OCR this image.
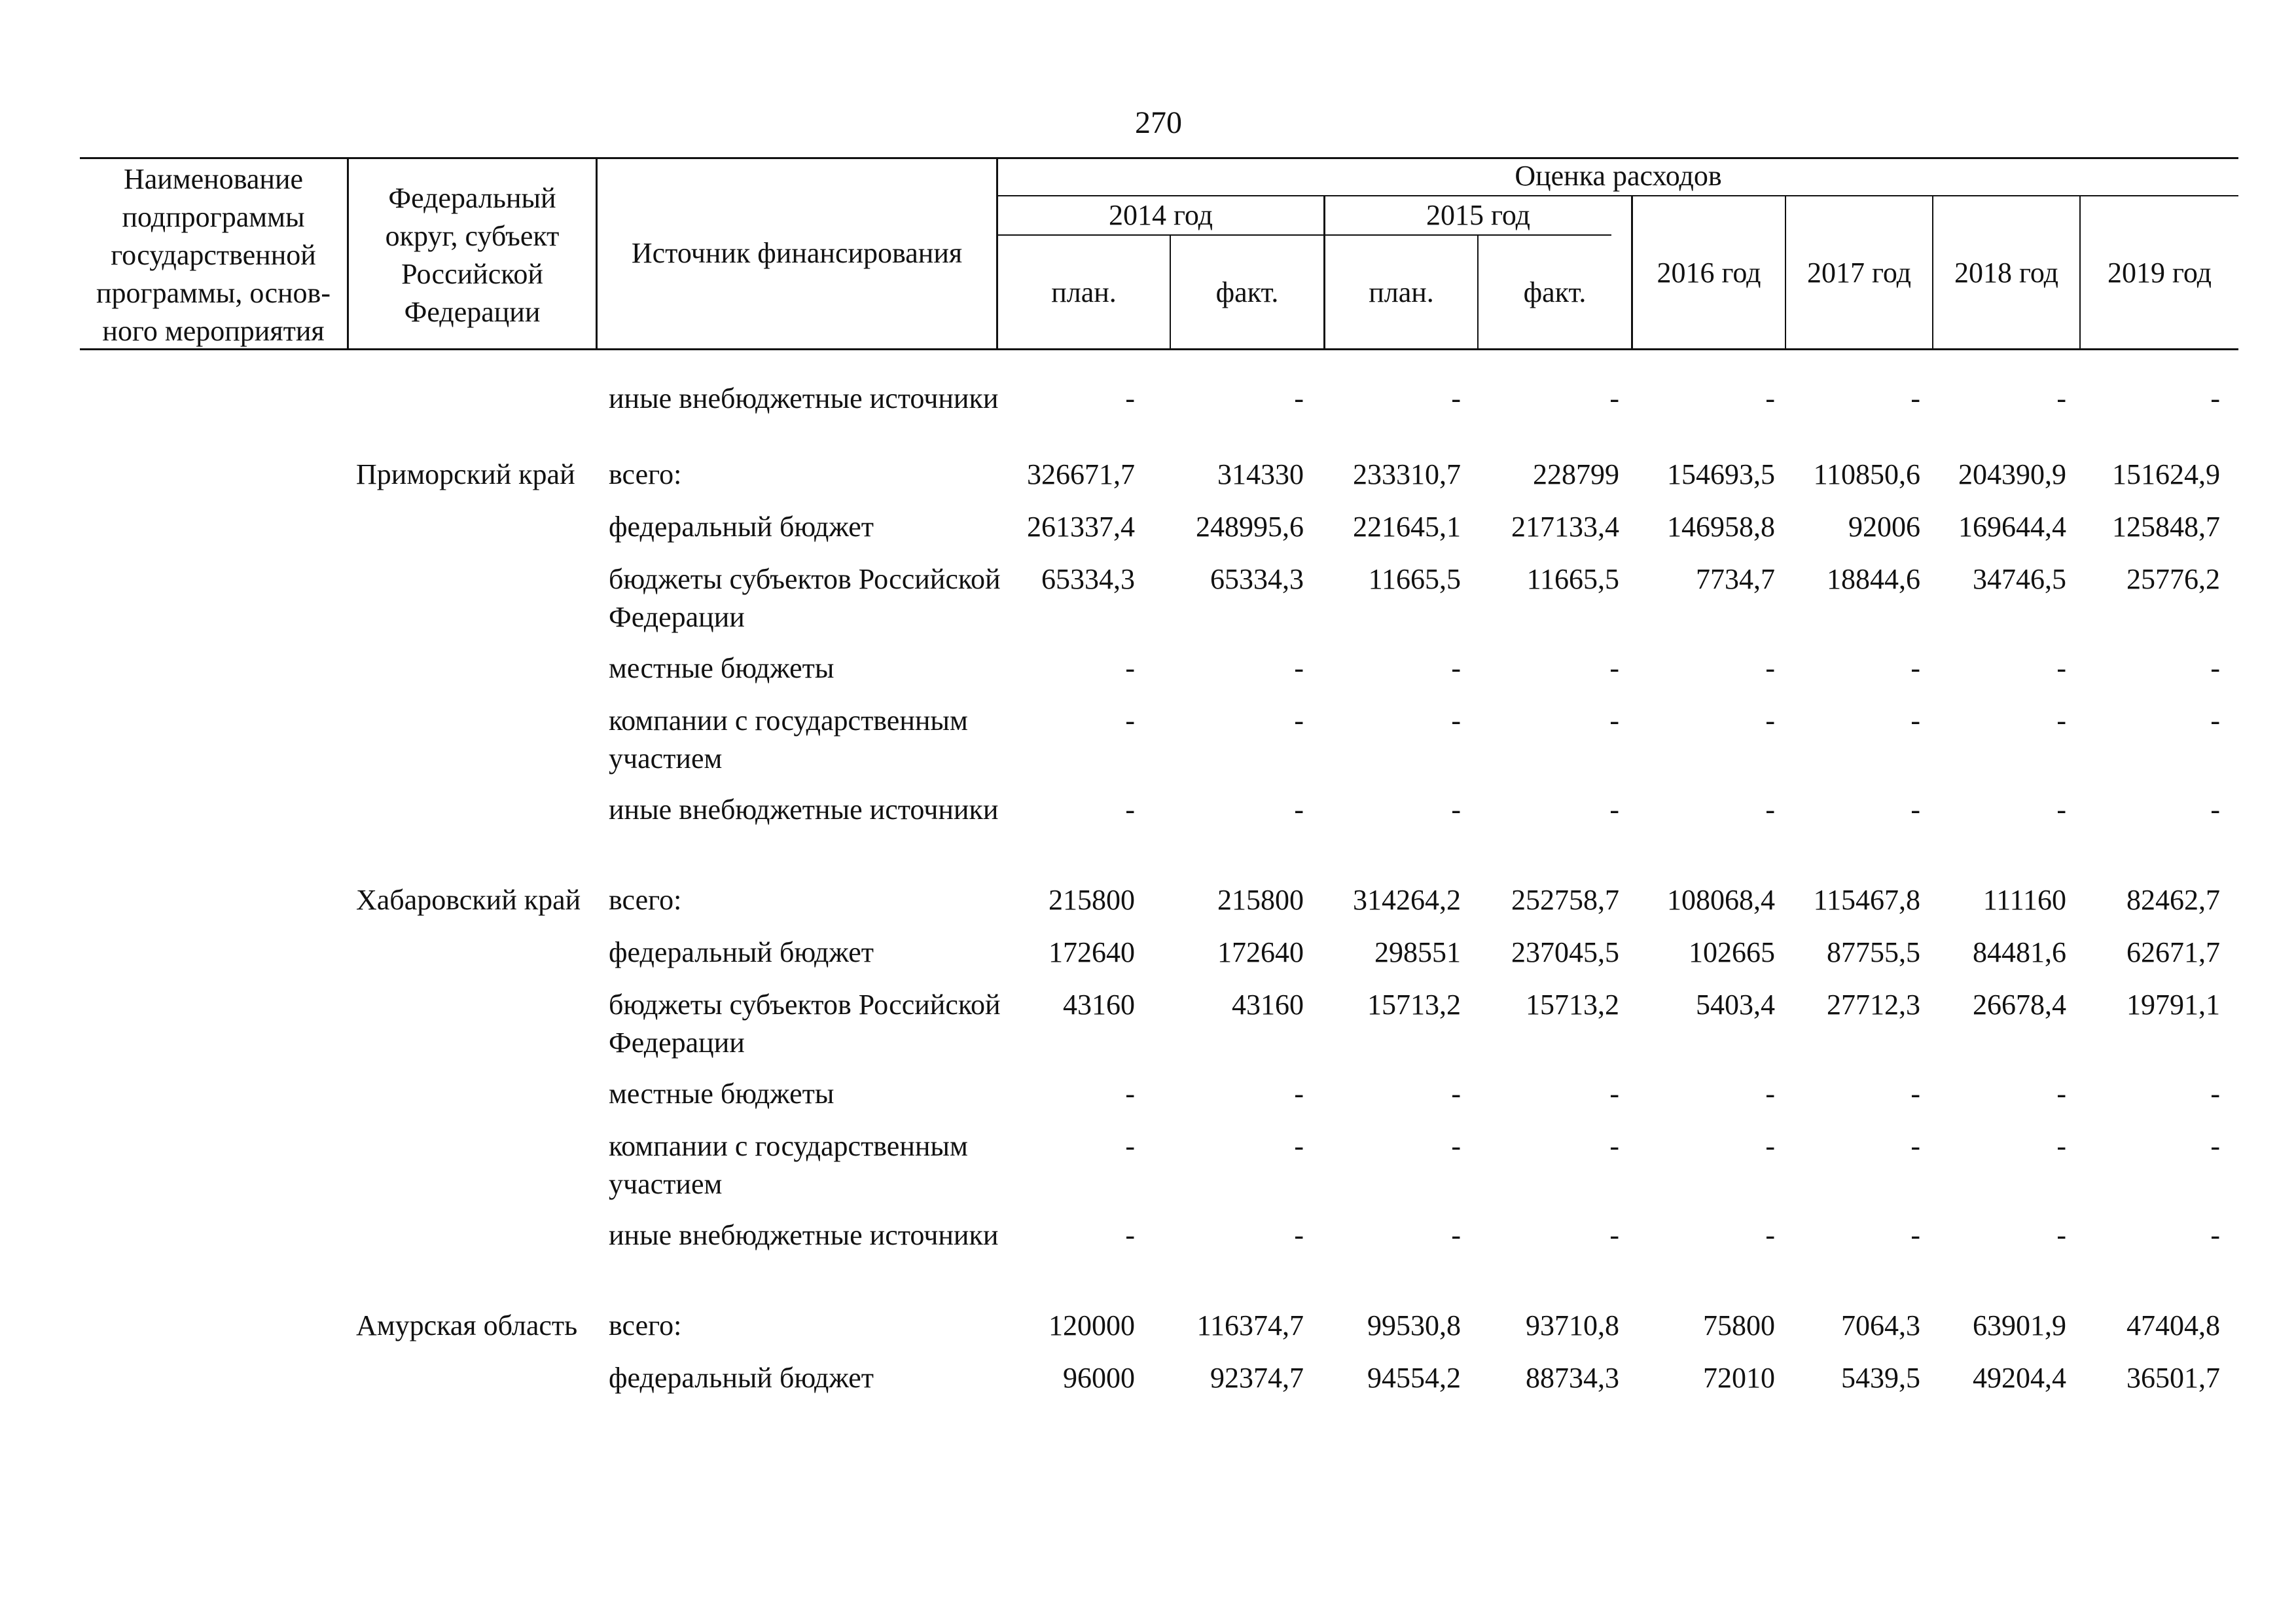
270
Наименование подпрограммы государственной программы, основ-ного мероприятия
Федеральный округ, субъект Российской Федерации
Источник финансирования
Оценка расходов
2014 год	2015 год
план.	факт.	план.	факт.
2016 год	2017 год	2018 год	2019 год
иные внебюджетные источники	-	-	-	-	-	-	-	-
Приморский край	всего:	326671,7	314330	233310,7	228799	154693,5	110850,6	204390,9	151624,9
федеральный бюджет	261337,4	248995,6	221645,1	217133,4	146958,8	92006	169644,4	125848,7
бюджеты субъектов Российской Федерации
65334,3	65334,3	11665,5	11665,5	7734,7	18844,6	34746,5	25776,2
местные бюджеты	-	-	-	-	-	-	-	-
компании с государственным участием
-	-	-	-	-	-	-	-
иные внебюджетные источники	-	-	-	-	-	-	-	-
Хабаровский край всего:	215800	215800	314264,2	252758,7	108068,4	115467,8	111160	82462,7
федеральный бюджет	172640	172640	298551	237045,5	102665	87755,5	84481,6	62671,7
бюджеты субъектов Российской Федерации
43160	43160	15713,2	15713,2	5403,4	27712,3	26678,4	19791,1
местные бюджеты	-	-	-	-	-	-	-	-
компании с государственным участием
-	-	-	-	-	-	-	-
иные внебюджетные источники	-	-	-	-	-	-	-	-
Амурская область всего:	120000	116374,7	99530,8	93710,8	75800	7064,3	63901,9	47404,8
федеральный бюджет	96000	92374,7	94554,2	88734,3	72010	5439,5	49204,4	36501,7
